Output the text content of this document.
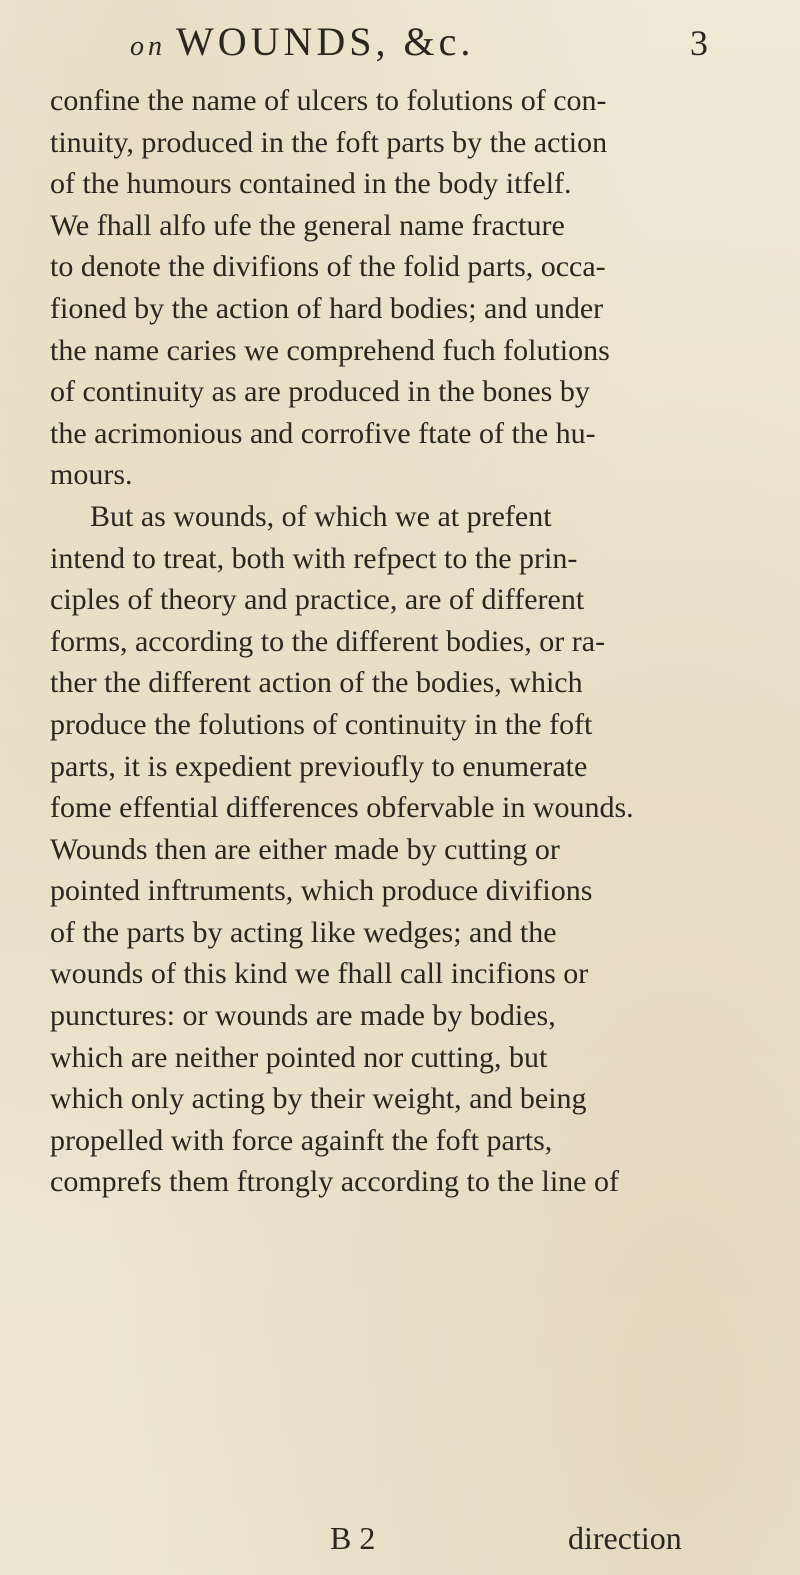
on WOUNDS, &c.	3
confine the name of ulcers to folutions of con-
tinuity, produced in the foft parts by the action
of the humours contained in the body itfelf.
We fhall alfo ufe the general name fracture
to denote the divifions of the folid parts, occa-
fioned by the action of hard bodies; and under
the name caries we comprehend fuch folutions
of continuity as are produced in the bones by
the acrimonious and corrofive ftate of the hu-
mours.
But as wounds, of which we at prefent
intend to treat, both with refpect to the prin-
ciples of theory and practice, are of different
forms, according to the different bodies, or ra-
ther the different action of the bodies, which
produce the folutions of continuity in the foft
parts, it is expedient previoufly to enumerate
fome effential differences obfervable in wounds.
Wounds then are either made by cutting or
pointed inftruments, which produce divifions
of the parts by acting like wedges; and the
wounds of this kind we fhall call incifions or
punctures: or wounds are made by bodies,
which are neither pointed nor cutting, but
which only acting by their weight, and being
propelled with force againft the foft parts,
comprefs them ftrongly according to the line of
B 2	direction
